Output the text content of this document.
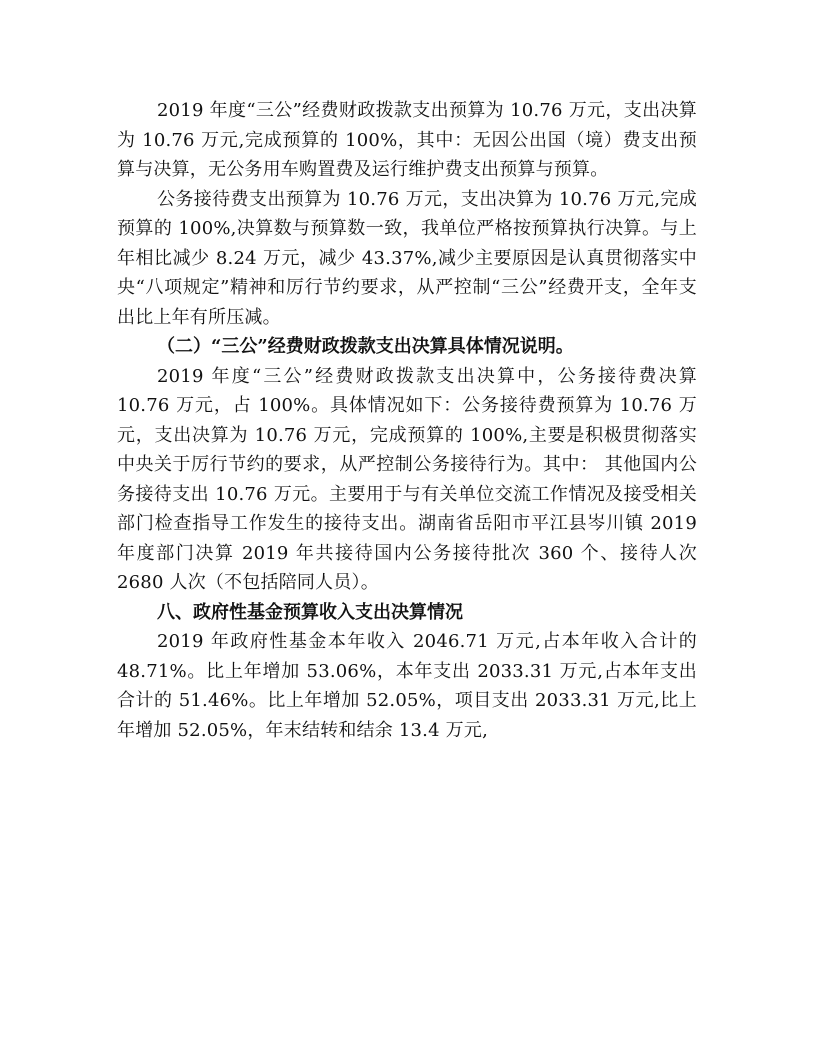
2019 年度“三公”经费财政拨款支出预算为 10.76 万元，支出决算为 10.76 万元,完成预算的 100%，其中：无因公出国（境）费支出预算与决算，无公务用车购置费及运行维护费支出预算与预算。

公务接待费支出预算为 10.76 万元，支出决算为 10.76 万元,完成预算的 100%,决算数与预算数一致，我单位严格按预算执行决算。与上年相比减少 8.24 万元，减少 43.37%,减少主要原因是认真贯彻落实中央“八项规定”精神和厉行节约要求，从严控制“三公”经费开支，全年支出比上年有所压减。

（二）“三公”经费财政拨款支出决算具体情况说明。

2019 年度“三公”经费财政拨款支出决算中，公务接待费决算 10.76 万元，占 100%。具体情况如下：公务接待费预算为 10.76 万元，支出决算为 10.76 万元，完成预算的 100%,主要是积极贯彻落实中央关于厉行节约的要求，从严控制公务接待行为。其中： 其他国内公务接待支出 10.76 万元。主要用于与有关单位交流工作情况及接受相关部门检查指导工作发生的接待支出。湖南省岳阳市平江县岑川镇 2019 年度部门决算 2019 年共接待国内公务接待批次 360 个、接待人次 2680 人次（不包括陪同人员）。

八、政府性基金预算收入支出决算情况

2019 年政府性基金本年收入 2046.71 万元,占本年收入合计的 48.71%。比上年增加 53.06%，本年支出 2033.31 万元,占本年支出合计的 51.46%。比上年增加 52.05%，项目支出 2033.31 万元,比上年增加 52.05%，年末结转和结余 13.4 万元,
